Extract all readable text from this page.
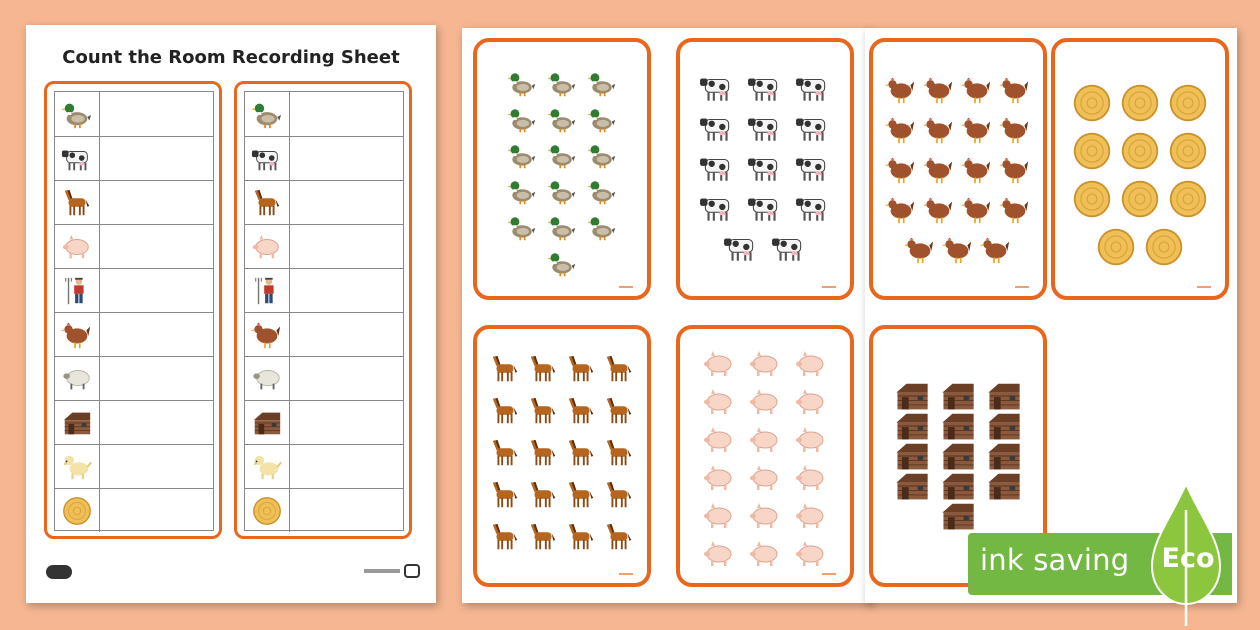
Count the Room Recording Sheet
ink saving Eco
